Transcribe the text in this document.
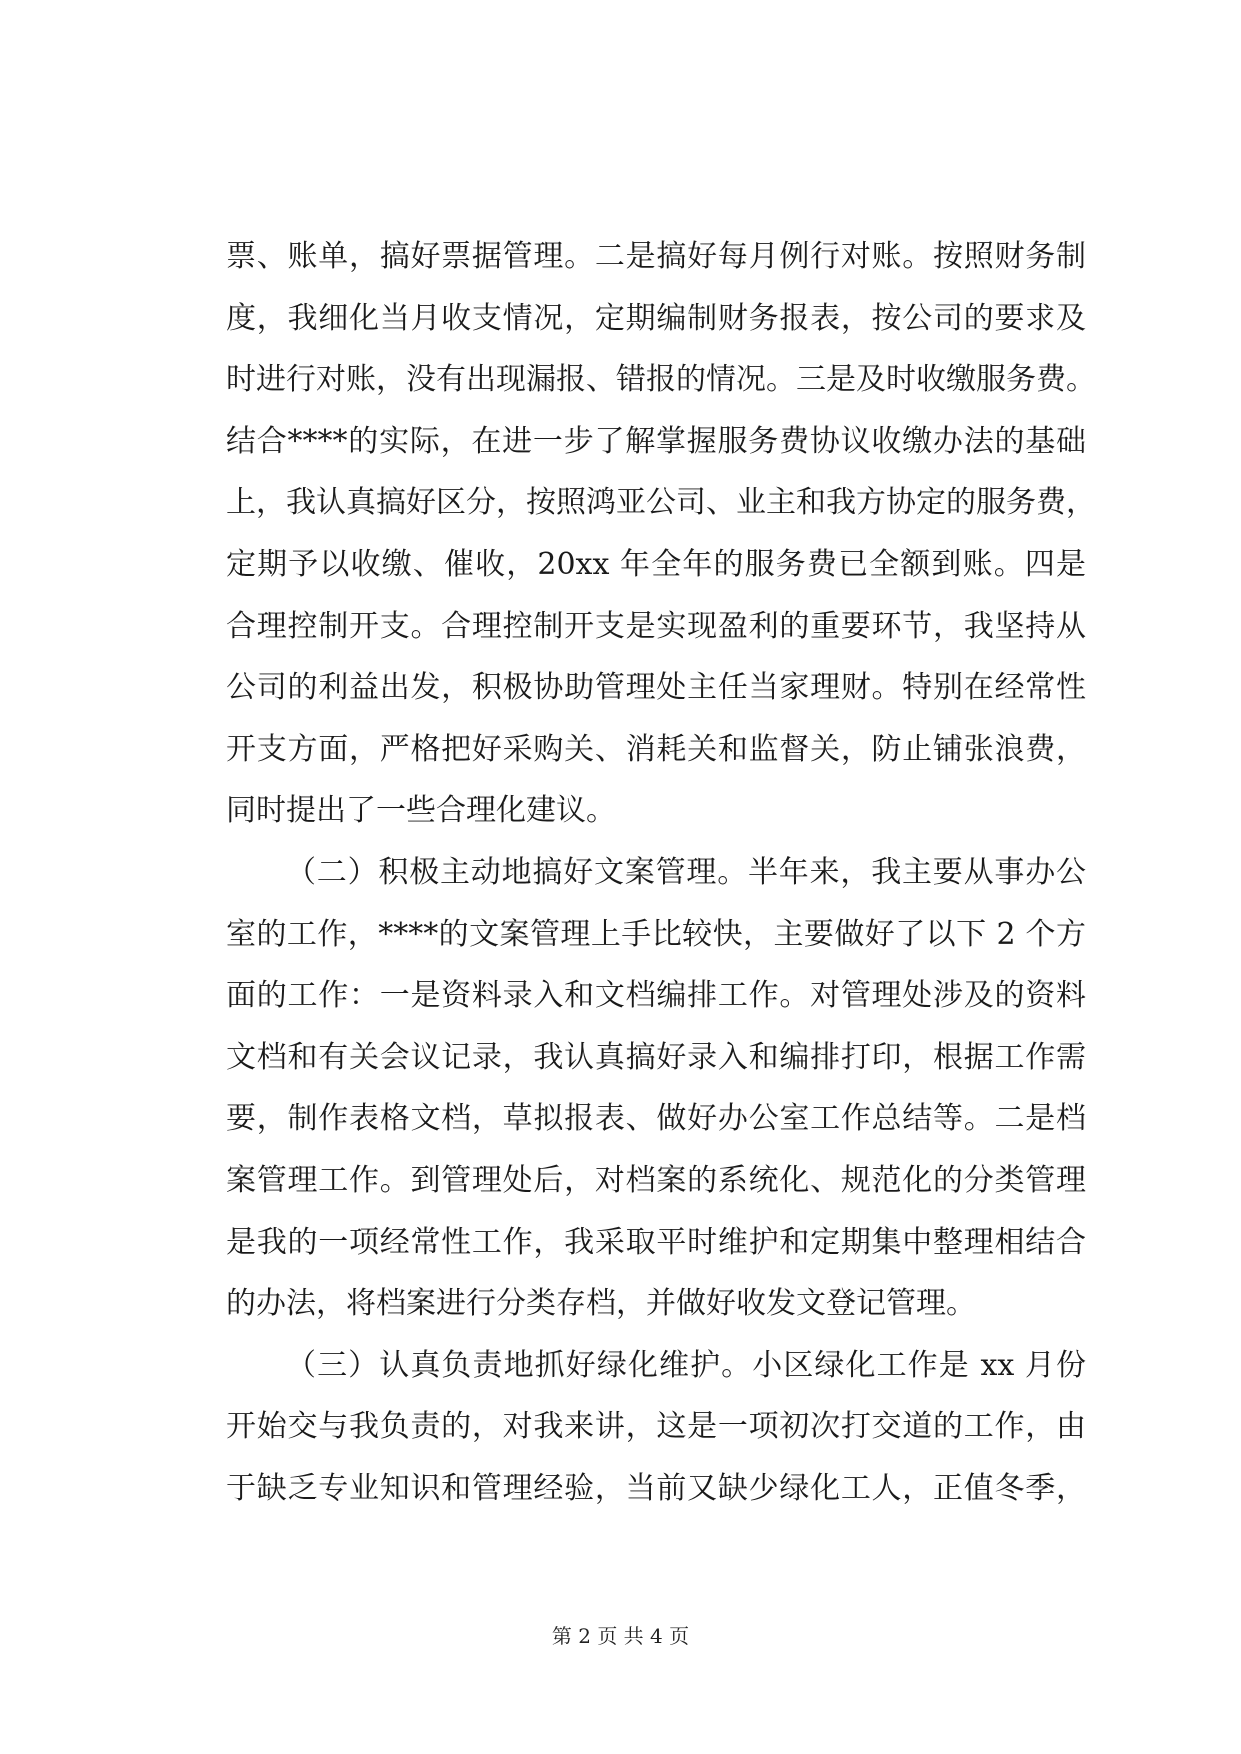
票、账单，搞好票据管理。二是搞好每月例行对账。按照财务制
度，我细化当月收支情况，定期编制财务报表，按公司的要求及
时进行对账，没有出现漏报、错报的情况。三是及时收缴服务费。
结合****的实际，在进一步了解掌握服务费协议收缴办法的基础
上，我认真搞好区分，按照鸿亚公司、业主和我方协定的服务费，
定期予以收缴、催收，20xx 年全年的服务费已全额到账。四是
合理控制开支。合理控制开支是实现盈利的重要环节，我坚持从
公司的利益出发，积极协助管理处主任当家理财。特别在经常性
开支方面，严格把好采购关、消耗关和监督关，防止铺张浪费，
同时提出了一些合理化建议。
（二）积极主动地搞好文案管理。半年来，我主要从事办公
室的工作，****的文案管理上手比较快，主要做好了以下 2 个方
面的工作：一是资料录入和文档编排工作。对管理处涉及的资料
文档和有关会议记录，我认真搞好录入和编排打印，根据工作需
要，制作表格文档，草拟报表、做好办公室工作总结等。二是档
案管理工作。到管理处后，对档案的系统化、规范化的分类管理
是我的一项经常性工作，我采取平时维护和定期集中整理相结合
的办法，将档案进行分类存档，并做好收发文登记管理。
（三）认真负责地抓好绿化维护。小区绿化工作是 xx 月份
开始交与我负责的，对我来讲，这是一项初次打交道的工作，由
于缺乏专业知识和管理经验，当前又缺少绿化工人，正值冬季，
第 2 页 共 4 页
